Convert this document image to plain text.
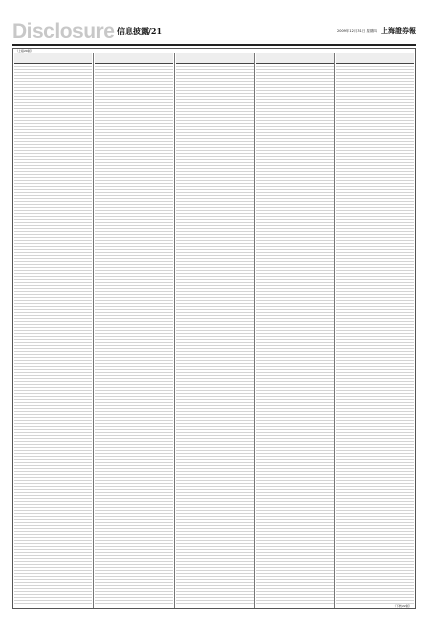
Disclosure 信息披露 /21	2009年12月31日 星期四 上海證券報
（上接20版）
（下转22版）
